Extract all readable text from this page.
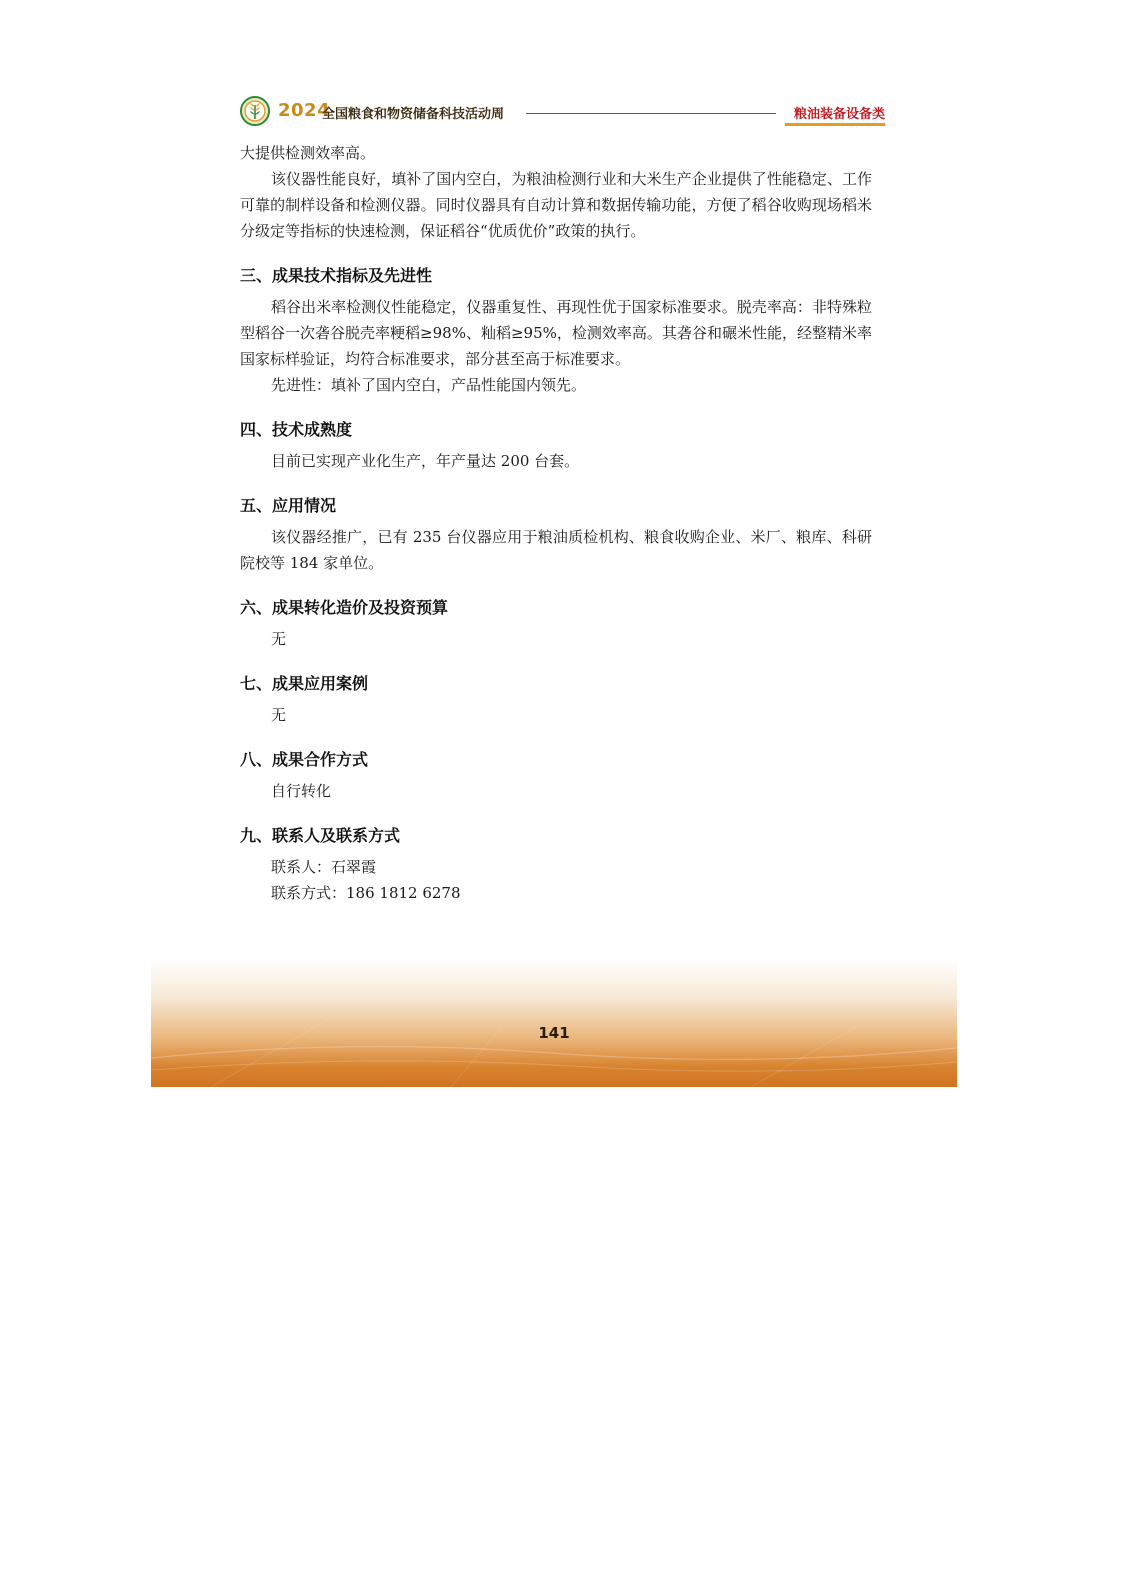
2024
全国粮食和物资储备科技活动周	粮油装备设备类

大提供检测效率高。

该仪器性能良好，填补了国内空白，为粮油检测行业和大米生产企业提供了性能稳定、工作可靠的制样设备和检测仪器。同时仪器具有自动计算和数据传输功能，方便了稻谷收购现场稻米分级定等指标的快速检测，保证稻谷“优质优价”政策的执行。

三、成果技术指标及先进性

稻谷出米率检测仪性能稳定，仪器重复性、再现性优于国家标准要求。脱壳率高：非特殊粒型稻谷一次砻谷脱壳率粳稻≥98%、籼稻≥95%，检测效率高。其砻谷和碾米性能，经整精米率国家标样验证，均符合标准要求，部分甚至高于标准要求。

先进性：填补了国内空白，产品性能国内领先。

四、技术成熟度

目前已实现产业化生产，年产量达 200 台套。

五、应用情况

该仪器经推广，已有 235 台仪器应用于粮油质检机构、粮食收购企业、米厂、粮库、科研院校等 184 家单位。

六、成果转化造价及投资预算

无

七、成果应用案例

无

八、成果合作方式

自行转化

九、联系人及联系方式

联系人：石翠霞

联系方式：186 1812 6278

141
